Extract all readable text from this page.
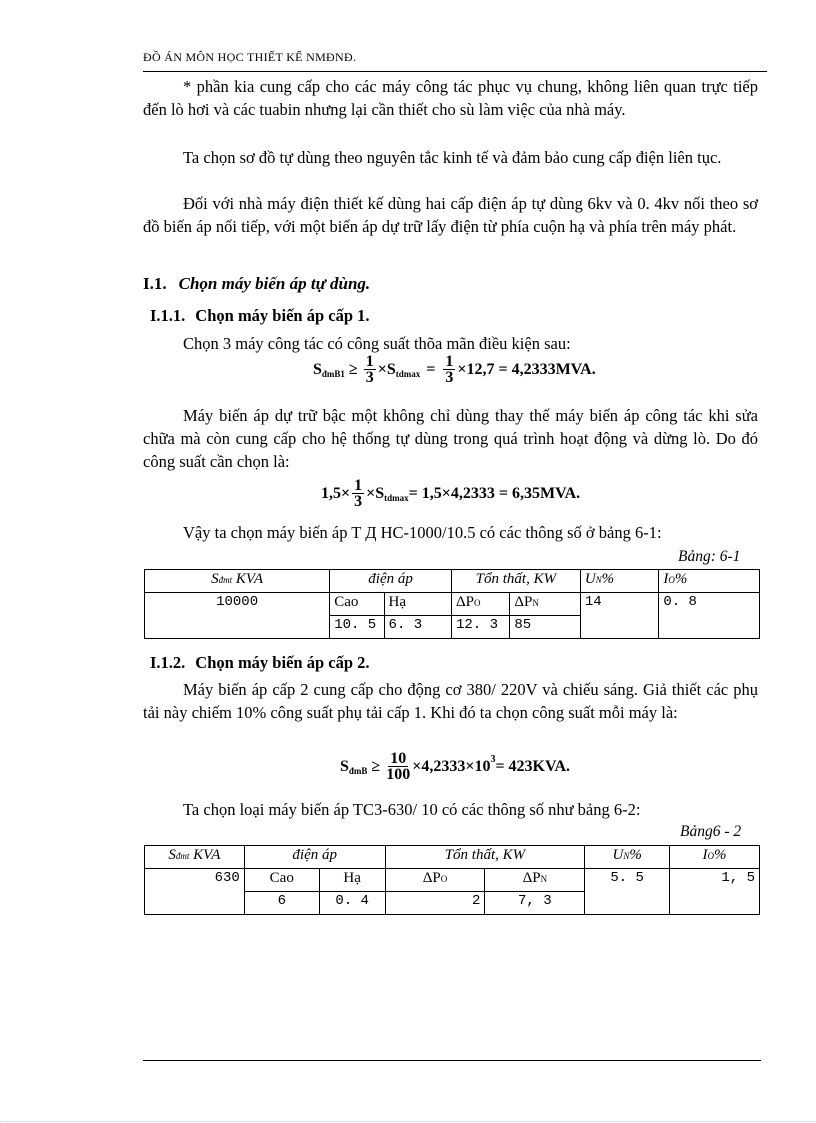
ĐỒ ÁN MÔN HỌC THIẾT KẾ NMĐNĐ.
* phần kia cung cấp cho các máy công tác phục vụ chung, không liên quan trực tiếp đến lò hơi và các tuabin nhưng lại cần thiết cho sù làm việc của nhà máy.
Ta chọn sơ đồ tự dùng theo nguyên tắc kinh tế và đảm bảo cung cấp điện liên tục.
Đối với nhà máy điện thiết kế dùng hai cấp điện áp tự dùng 6kv và 0. 4kv nối theo sơ đồ biến áp nối tiếp, với một biến áp dự trữ lấy điện từ phía cuộn hạ và phía trên máy phát.
I.1. Chọn máy biến áp tự dùng.
I.1.1. Chọn máy biến áp cấp 1.
Chọn 3 máy công tác có công suất thõa mãn điều kiện sau:
S đmB1 ≥ $\frac{1}{3} \times S$ $tdmax = \frac{1}{3} \times 12,7 = 4,2333MVA$.
Máy biến áp dự trữ bậc một không chỉ dùng thay thế máy biến áp công tác khi sửa chữa mà còn cung cấp cho hệ thống tự dùng trong quá trình hoạt động và dừng lò. Do đó công suất cần chọn là:
$1,5\times \frac{1}{3} \times S$ tdmax = 1,5×4,2333 = 6,35MVA.
Vậy ta chọn máy biến áp T Д HC-1000/10.5 có các thông số ở bảng 6-1:
Bảng: 6-1
Sđmt KVA	điện áp		Tổn thất, KW		UN%	IO%
10000	Cao	Hạ	ΔPO	ΔPN	14	0. 8
	10. 5	6. 3	12. 3	85		
I.1.2. Chọn máy biến áp cấp 2.
Máy biến áp cấp 2 cung cấp cho động cơ 380/ 220V và chiếu sáng. Giả thiết các phụ tải này chiếm 10% công suất phụ tải cấp 1. Khi đó ta chọn công suất mỗi máy là:
S đmB ≥ $\frac{10}{100} \times 4,2333\times 10$ 3 = 423KVA.
Ta chọn loại máy biến áp TC3-630/ 10 có các thông số như bảng 6-2:
Bảng6 - 2
Sđmt KVA	điện áp		Tổn thất, KW		UN%	IO%
630	Cao	Hạ	ΔPO	ΔPN	5. 5	1, 5
	6	0. 4	2	7, 3		
